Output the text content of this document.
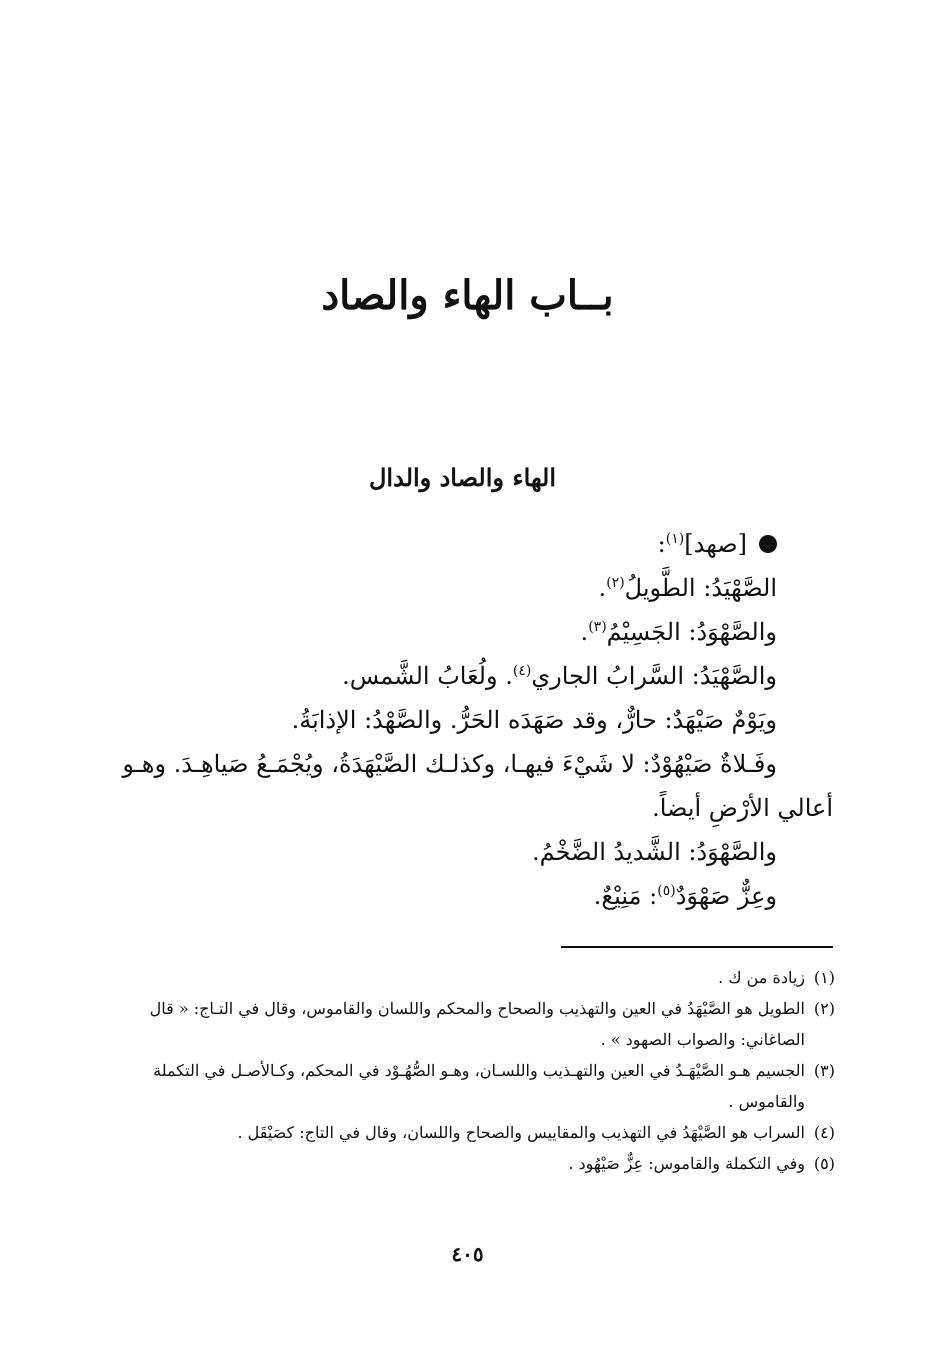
بــاب الهاء والصاد
الهاء والصاد والدال
[صهد]$^{(١)}$:
الصَّهْيَدُ: الطَّويلُ$^{(٢)}$.
والصَّهْوَدُ: الجَسِيْمُ$^{(٣)}$.
والصَّهْيَدُ: السَّرابُ الجاري$^{(٤)}$. ولُعَابُ الشَّمس.
ويَوْمٌ صَيْهَدٌ: حارٌّ، وقد صَهَدَه الحَرُّ. والصَّهْدُ: الإذابَةُ.
وفَـلاةٌ صَيْهُوْدٌ: لا شَيْءَ فيهـا، وكذلـك الصَّيْهَدَةُ، ويُجْمَـعُ صَياهِـدَ. وهـو
أعالي الأرْضِ أيضاً.
والصَّهْوَدُ: الشَّديدُ الضَّخْمُ.
وعِزٌّ صَهْوَدٌ$^{(٥)}$: مَنِيْعٌ.
(١)
زيادة من ك .
(٢)
الطويل هو الصَّيْهَدُ في العين والتهذيب والصحاح والمحكم واللسان والقاموس، وقال في التـاج: « قال الصاغاني: والصواب الصهود » .
(٣)
الجسيم هـو الصَّيْهَـدُ في العين والتهـذيب واللسـان، وهـو الصُّهُـوْد في المحكم، وكـالأصـل في التكملة والقاموس .
(٤)
السراب هو الصَّيْهَدُ في التهذيب والمقاييس والصحاح واللسان، وقال في التاج: كصَيْقَل .
(٥)
وفي التكملة والقاموس: عِزٌّ صَيْهُود .
٤٠٥
